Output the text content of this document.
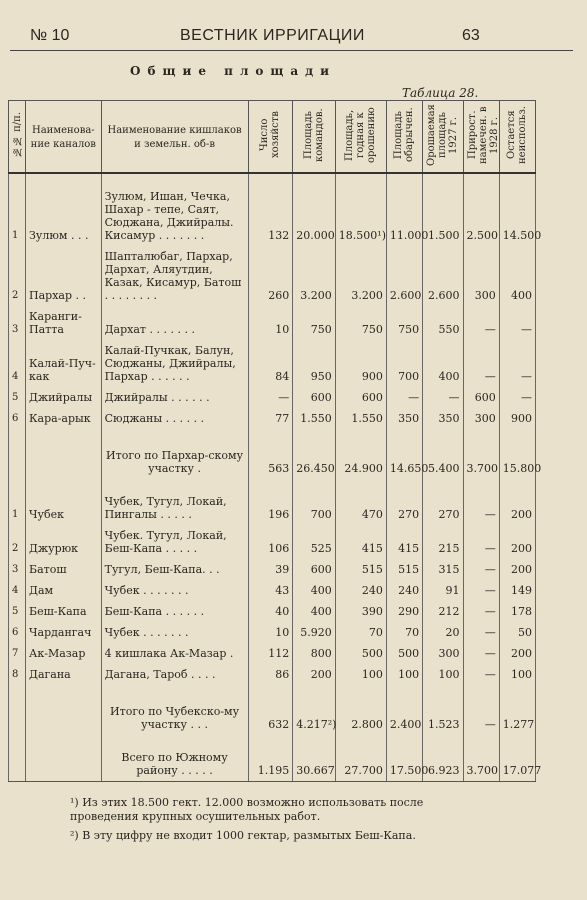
№ 10	ВЕСТНИК ИРРИГАЦИИ	63
Общие площади
Таблица 28.
№№ п/п.	Наименова-ние каналов	Наименование кишлаков и земельн. об-в	Число хозяйств	Площадь командов.	Площадь, годная к орошению	Площадь обарычен.	Орошаемая площадь 1927 г.	Прирост. намечен. в 1928 г.	Остается неиспольз.

1	Зулюм . . .	Зулюм, Ишан, Чечка, Шахар - тепе, Саят, Сюджана, Джийралы. Кисамур . . . . . . .	132	20.000	18.500¹)	11.000	1.500	2.500	14.500

2	Пархар . .	Шапталюбаг, Пархар, Дархат, Аляутдин, Казак, Кисамур, Батош . . . . . . . .	260	3.200	3.200	2.600	2.600	300	400

3	Каранги-Патта	Дархат . . . . . . .	10	750	750	750	550	—	—

4	Калай-Пуч-как	Калай-Пучкак, Балун, Сюджаны, Джийралы, Пархар . . . . . .	84	950	900	700	400	—	—

5	Джийралы	Джийралы . . . . . .	—	600	600	—	—	600	—

6	Кара-арык	Сюджаны . . . . . .	77	1.550	1.550	350	350	300	900

		Итого по Пархар-скому участку .	563	26.450	24.900	14.650	5.400	3.700	15.800

1	Чубек	Чубек, Тугул, Локай, Пингалы . . . . .	196	700	470	270	270	—	200

2	Джурюк	Чубек. Тугул, Локай, Беш-Капа . . . . .	106	525	415	415	215	—	200

3	Батош	Тугул, Беш-Капа. . .	39	600	515	515	315	—	200

4	Дам	Чубек . . . . . . .	43	400	240	240	91	—	149

5	Беш-Капа	Беш-Капа . . . . . .	40	400	390	290	212	—	178

6	Чардангач	Чубек . . . . . . .	10	5.920	70	70	20	—	50

7	Ак-Мазар	4 кишлака Ак-Мазар .	112	800	500	500	300	—	200

8	Дагана	Дагана, Тароб . . . .	86	200	100	100	100	—	100

		Итого по Чубекско-му участку . . .	632	4.217²)	2.800	2.400	1.523	—	1.277

		Всего по Южному району . . . . .	1.195	30.667	27.700	17.500	6.923	3.700	17.077
¹) Из этих 18.500 гект. 12.000 возможно использовать после проведения крупных осушительных работ.
²) В эту цифру не входит 1000 гектар, размытых Беш-Капа.
